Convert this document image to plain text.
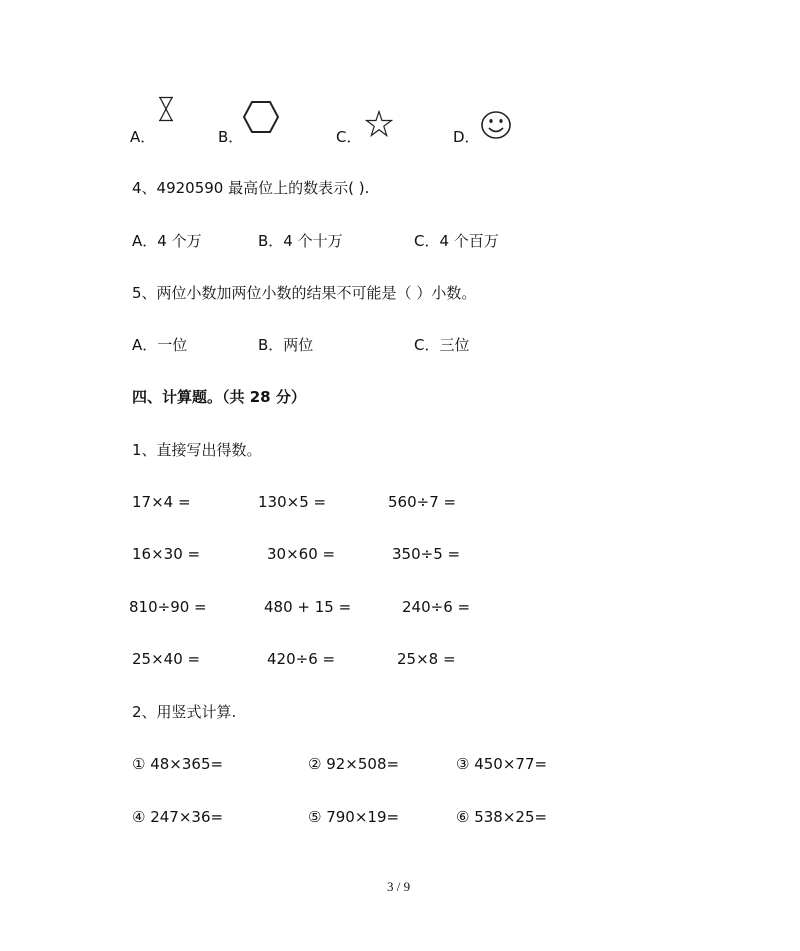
A．	B．	C．	D．
4、4920590 最高位上的数表示( ).
A．4 个万	B．4 个十万	C．4 个百万
5、两位小数加两位小数的结果不可能是（ ）小数。
A．一位	B．两位	C．三位
四、计算题。（共 28 分）
1、直接写出得数。
17×4 =	130×5 =	560÷7 =
16×30 =	30×60 =	350÷5 =
810÷90 =	480 + 15 =	240÷6 =
25×40 =	420÷6 =	25×8 =
2、用竖式计算.
① 48×365=	② 92×508=	③ 450×77=
④ 247×36=	⑤ 790×19=	⑥ 538×25=
3 / 9
